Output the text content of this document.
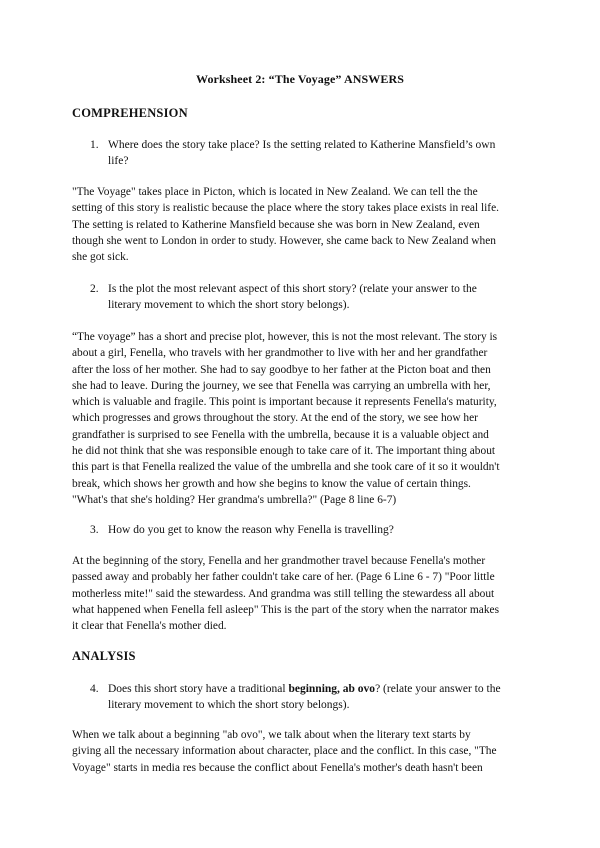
Worksheet 2: “The Voyage” ANSWERS
COMPREHENSION
1. Where does the story take place? Is the setting related to Katherine Mansfield’s own
life?
"The Voyage" takes place in Picton, which is located in New Zealand. We can tell the the
setting of this story is realistic because the place where the story takes place exists in real life.
The setting is related to Katherine Mansfield because she was born in New Zealand, even
though she went to London in order to study. However, she came back to New Zealand when
she got sick.
2. Is the plot the most relevant aspect of this short story? (relate your answer to the
literary movement to which the short story belongs).
“The voyage” has a short and precise plot, however, this is not the most relevant. The story is
about a girl, Fenella, who travels with her grandmother to live with her and her grandfather
after the loss of her mother. She had to say goodbye to her father at the Picton boat and then
she had to leave. During the journey, we see that Fenella was carrying an umbrella with her,
which is valuable and fragile. This point is important because it represents Fenella's maturity,
which progresses and grows throughout the story. At the end of the story, we see how her
grandfather is surprised to see Fenella with the umbrella, because it is a valuable object and
he did not think that she was responsible enough to take care of it. The important thing about
this part is that Fenella realized the value of the umbrella and she took care of it so it wouldn't
break, which shows her growth and how she begins to know the value of certain things.
"What's that she's holding? Her grandma's umbrella?" (Page 8 line 6-7)
3. How do you get to know the reason why Fenella is travelling?
At the beginning of the story, Fenella and her grandmother travel because Fenella's mother
passed away and probably her father couldn't take care of her. (Page 6 Line 6 - 7) "Poor little
motherless mite!" said the stewardess. And grandma was still telling the stewardess all about
what happened when Fenella fell asleep" This is the part of the story when the narrator makes
it clear that Fenella's mother died.
ANALYSIS
4. Does this short story have a traditional beginning, ab ovo? (relate your answer to the
literary movement to which the short story belongs).
When we talk about a beginning "ab ovo", we talk about when the literary text starts by
giving all the necessary information about character, place and the conflict. In this case, "The
Voyage" starts in media res because the conflict about Fenella's mother's death hasn't been
